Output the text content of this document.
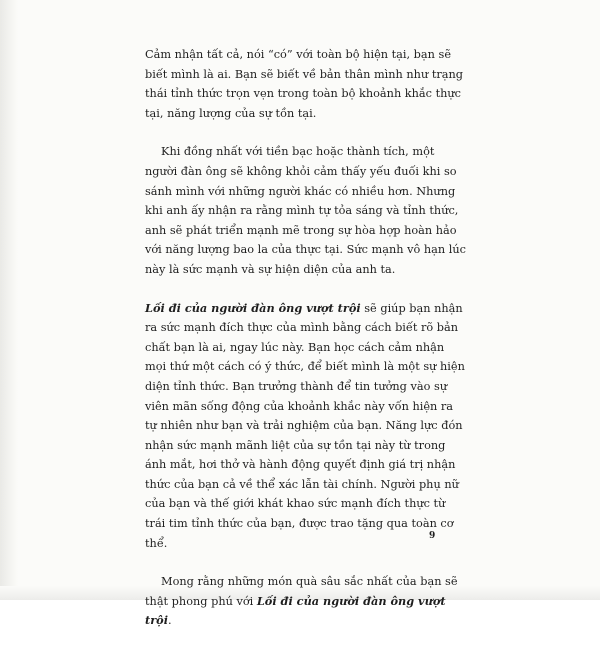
Cảm nhận tất cả, nói “có” với toàn bộ hiện tại, bạn sẽ biết mình là ai. Bạn sẽ biết về bản thân mình như trạng thái tỉnh thức trọn vẹn trong toàn bộ khoảnh khắc thực tại, năng lượng của sự tồn tại.

Khi đồng nhất với tiền bạc hoặc thành tích, một người đàn ông sẽ không khỏi cảm thấy yếu đuối khi so sánh mình với những người khác có nhiều hơn. Nhưng khi anh ấy nhận ra rằng mình tự tỏa sáng và tỉnh thức, anh sẽ phát triển mạnh mẽ trong sự hòa hợp hoàn hảo với năng lượng bao la của thực tại. Sức mạnh vô hạn lúc này là sức mạnh và sự hiện diện của anh ta.

Lối đi của người đàn ông vượt trội sẽ giúp bạn nhận ra sức mạnh đích thực của mình bằng cách biết rõ bản chất bạn là ai, ngay lúc này. Bạn học cách cảm nhận mọi thứ một cách có ý thức, để biết mình là một sự hiện diện tỉnh thức. Bạn trưởng thành để tin tưởng vào sự viên mãn sống động của khoảnh khắc này vốn hiện ra tự nhiên như bạn và trải nghiệm của bạn. Năng lực đón nhận sức mạnh mãnh liệt của sự tồn tại này từ trong ánh mắt, hơi thở và hành động quyết định giá trị nhận thức của bạn cả về thể xác lẫn tài chính. Người phụ nữ của bạn và thế giới khát khao sức mạnh đích thực từ trái tim tỉnh thức của bạn, được trao tặng qua toàn cơ thể.

Mong rằng những món quà sâu sắc nhất của bạn sẽ thật phong phú với Lối đi của người đàn ông vượt trội.

9
